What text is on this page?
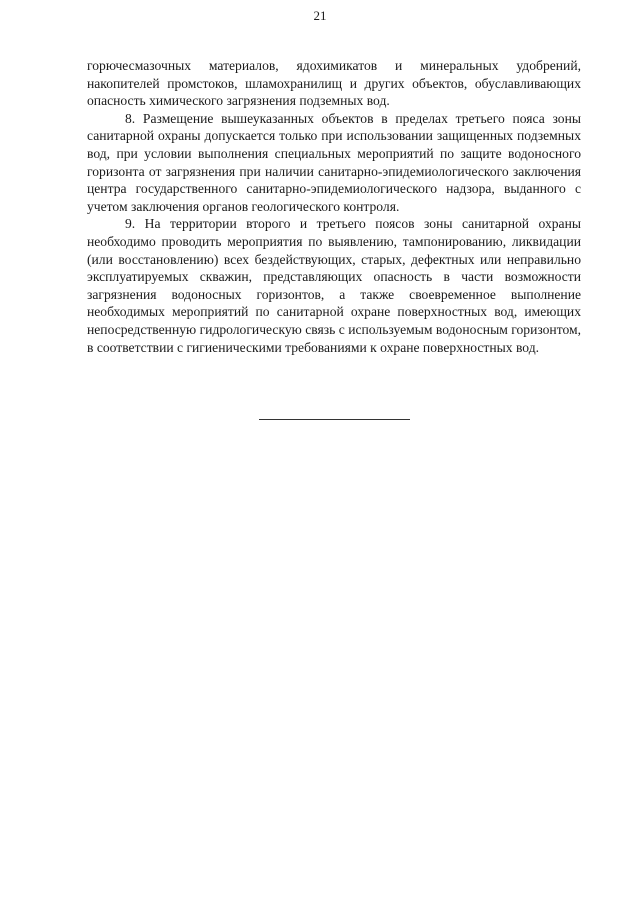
21

горючесмазочных материалов, ядохимикатов и минеральных удобрений, накопителей промстоков, шламохранилищ и других объектов, обуславливающих опасность химического загрязнения подземных вод.

8. Размещение вышеуказанных объектов в пределах третьего пояса зоны санитарной охраны допускается только при использовании защищенных подземных вод, при условии выполнения специальных мероприятий по защите водоносного горизонта от загрязнения при наличии санитарно-эпидемиологического заключения центра государственного санитарно-эпидемиологического надзора, выданного с учетом заключения органов геологического контроля.

9. На территории второго и третьего поясов зоны санитарной охраны необходимо проводить мероприятия по выявлению, тампонированию, ликвидации (или восстановлению) всех бездействующих, старых, дефектных или неправильно эксплуатируемых скважин, представляющих опасность в части возможности загрязнения водоносных горизонтов, а также своевременное выполнение необходимых мероприятий по санитарной охране поверхностных вод, имеющих непосредственную гидрологическую связь с используемым водоносным горизонтом, в соответствии с гигиеническими требованиями к охране поверхностных вод.
